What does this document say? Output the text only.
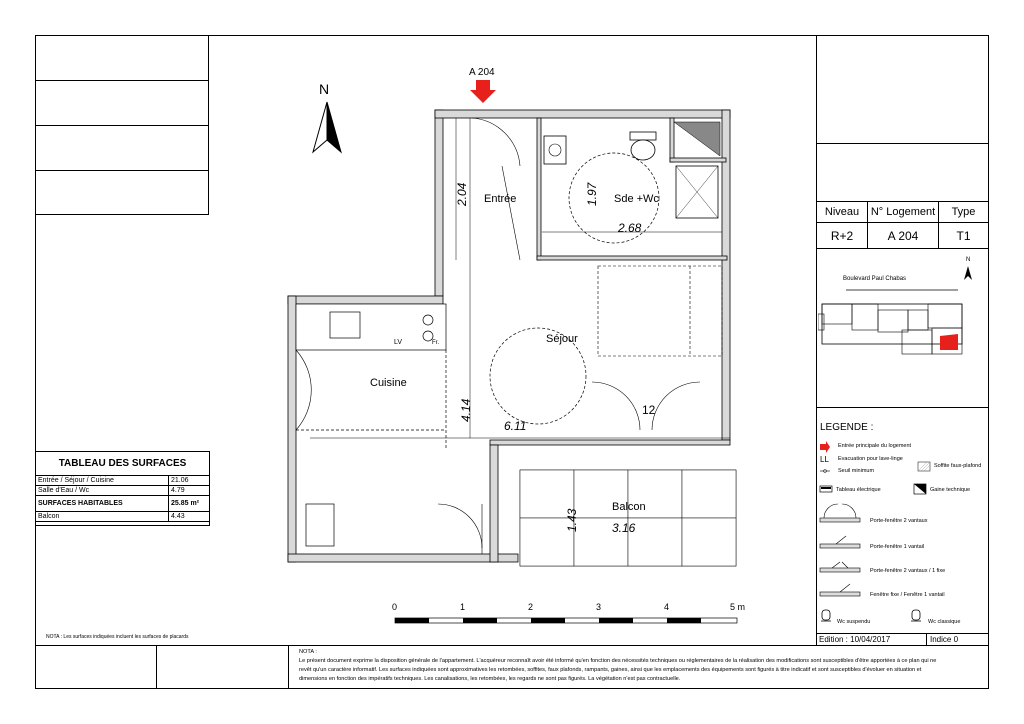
TABLEAU DES SURFACES
Entrée / Séjour / Cuisine	21.06
Salle d'Eau / Wc	4.79
SURFACES HABITABLES	25.85 m²
Balcon	4.43
NOTA : Les surfaces indiquées incluent les surfaces de placards
NOTA :
Le présent document exprime la disposition générale de l'appartement. L'acquéreur reconnaît avoir été informé qu'en fonction des nécessités techniques ou réglementaires de la réalisation des modifications sont susceptibles d'être apportées à ce plan qui ne
revêt qu'un caractère informatif. Les surfaces indiquées sont approximatives les retombées, soffites, faux plafonds, rampants, gaines, ainsi que les emplacements des équipements sont figurés à titre indicatif et sont susceptibles d'évoluer en situation et
dimensions en fonction des impératifs techniques. Les canalisations, les retombées, les regards ne sont pas figurés. La végétation n'est pas contractuelle.
Niveau	N° Logement	Type
R+2	A 204	T1
Boulevard Paul Chabas
N
LEGENDE :
Entrée principale du logement
LL Evacuation pour lave-linge
Seuil minimum
Soffite faux-plafond
Tableau électrique	Gaine technique
Porte-fenêtre 2 vantaux
Porte-fenêtre 1 vantail
Porte-fenêtre 2 vantaux / 1 fixe
Fenêtre fixe / Fenêtre 1 vantail
Wc suspendu	Wc classique
Edition : 10/04/2017	Indice 0
N
A 204
Entrée	Sde +Wc
Séjour
Cuisine
Balcon
LV	Fr.
2.04	1.97
2.68
4.14
6.11
12
1.43	3.16
0	1	2	3	4	5 m
